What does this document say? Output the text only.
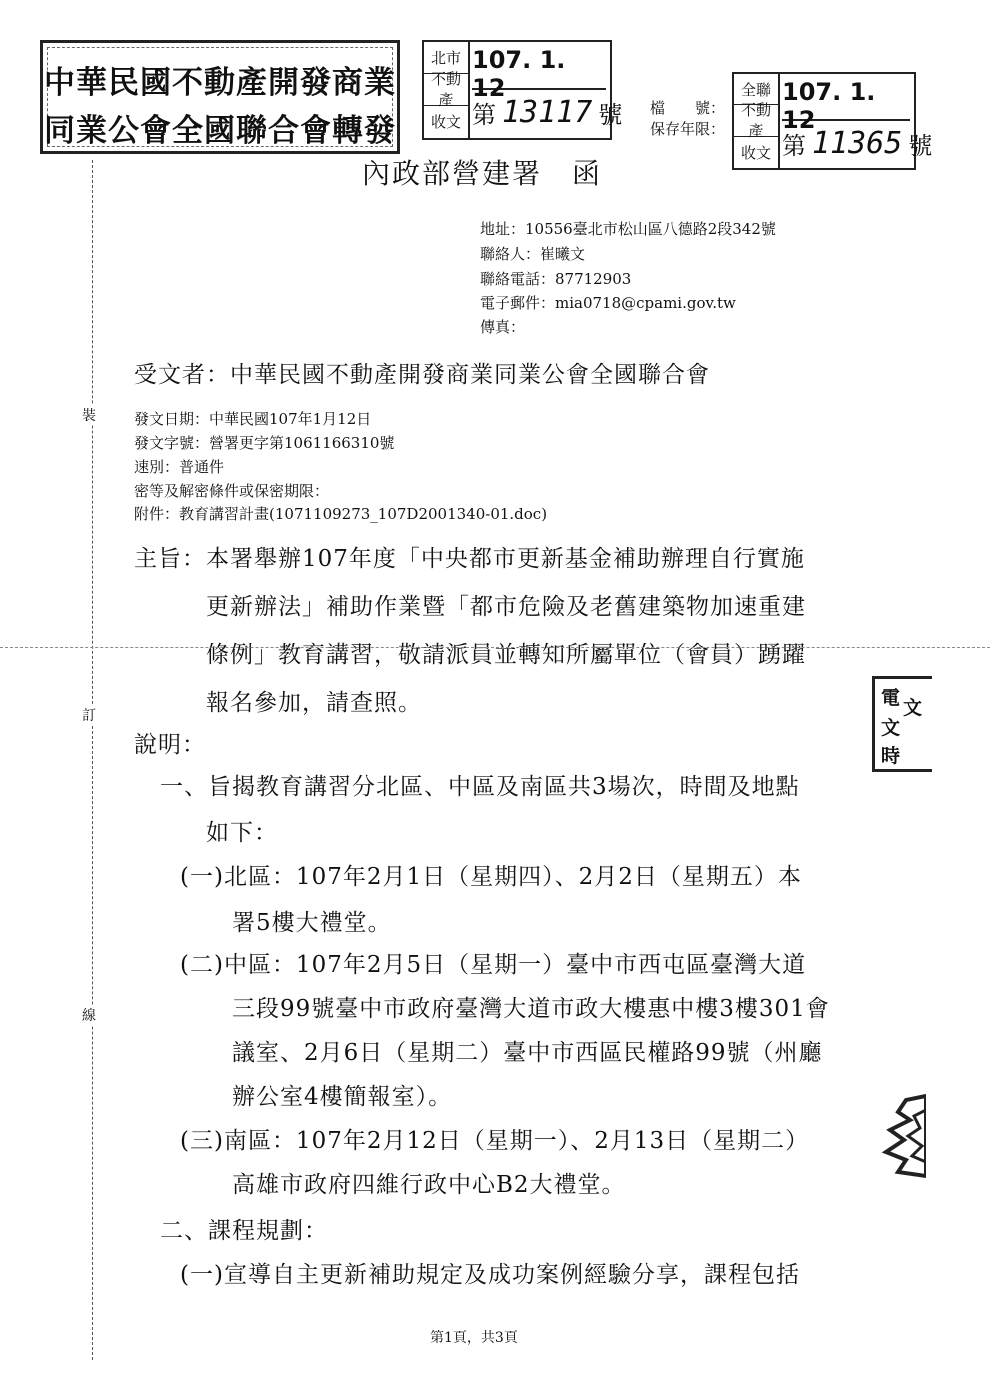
中華民國不動產開發商業
同業公會全國聯合會轉發
北市
不動產
收文
107. 1. 12
第 13117 號 檔　　號：
保存年限：
全聯
不動產
收文
107. 1. 12
第 11365 號
內政部營建署　函
地址：10556臺北市松山區八德路2段342號
聯絡人：崔曦文
聯絡電話：87712903
電子郵件：mia0718@cpami.gov.tw
傳真：
受文者：中華民國不動產開發商業同業公會全國聯合會
發文日期：中華民國107年1月12日
發文字號：營署更字第1061166310號
速別：普通件
密等及解密條件或保密期限：
附件：教育講習計畫(1071109273_107D2001340-01.doc)
主旨：本署舉辦107年度「中央都市更新基金補助辦理自行實施
更新辦法」補助作業暨「都市危險及老舊建築物加速重建
條例」教育講習，敬請派員並轉知所屬單位（會員）踴躍
報名參加，請查照。
說明：
一、旨揭教育講習分北區、中區及南區共3場次，時間及地點
如下：
(一)北區：107年2月1日（星期四）、2月2日（星期五）本
署5樓大禮堂。
(二)中區：107年2月5日（星期一）臺中市西屯區臺灣大道
三段99號臺中市政府臺灣大道市政大樓惠中樓3樓301會
議室、2月6日（星期二）臺中市西區民權路99號（州廳
辦公室4樓簡報室）。
(三)南區：107年2月12日（星期一）、2月13日（星期二）
高雄市政府四維行政中心B2大禮堂。
二、課程規劃：
(一)宣導自主更新補助規定及成功案例經驗分享，課程包括
裝
訂
線
電 文
文
時
第1頁，共3頁
